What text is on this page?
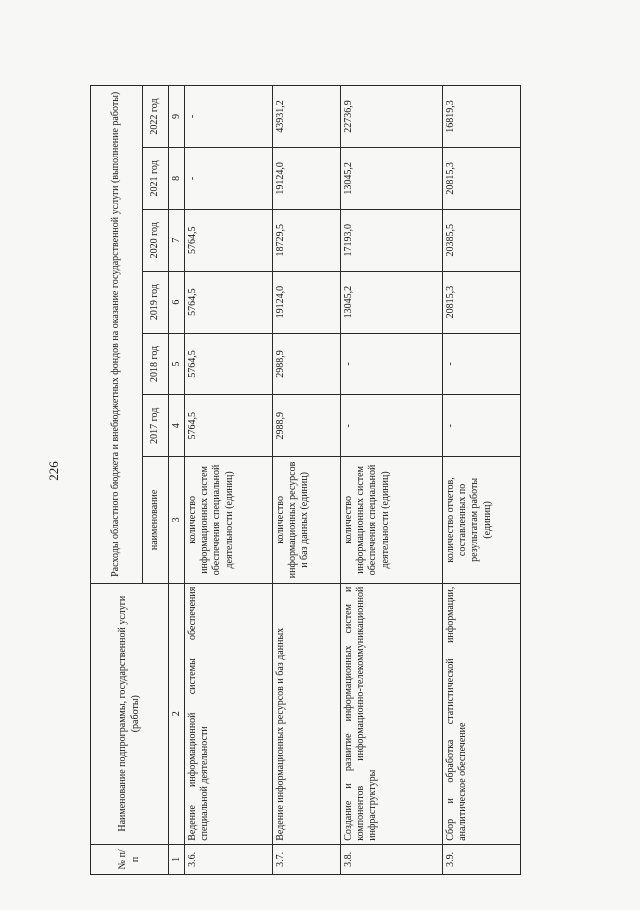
226
№ п/п	Наименование подпрограммы, государственной услуги (работы)	Расходы областного бюджета и внебюджетных фондов на оказание государственной услуги (выполнение работы)						
		наименование	2017 год	2018 год	2019 год	2020 год	2021 год	2022 год

1	2	3	4	5	6	7	8	9
3.6.	Ведение информационной системы обеспечения специальной деятельности	количество информационных систем обеспечения специальной деятельности (единиц)	5764,5	5764,5	5764,5	5764,5	-	-
3.7.	Ведение информационных ресурсов и баз данных	количество информационных ресурсов и баз данных (единиц)	2988,9	2988,9	19124,0	18729,5	19124,0	43931,2
3.8.	Создание и развитие информационных систем и компонентов информационно-телекоммуникационной инфраструктуры	количество информационных систем обеспечения специальной деятельности (единиц)	-	-	13045,2	17193,0	13045,2	22736,9
3.9.	Сбор и обработка статистической информации, аналитическое обеспечение	количество отчетов, составленных по результатам работы (единиц)	-	-	20815,3	20385,5	20815,3	16819,3
